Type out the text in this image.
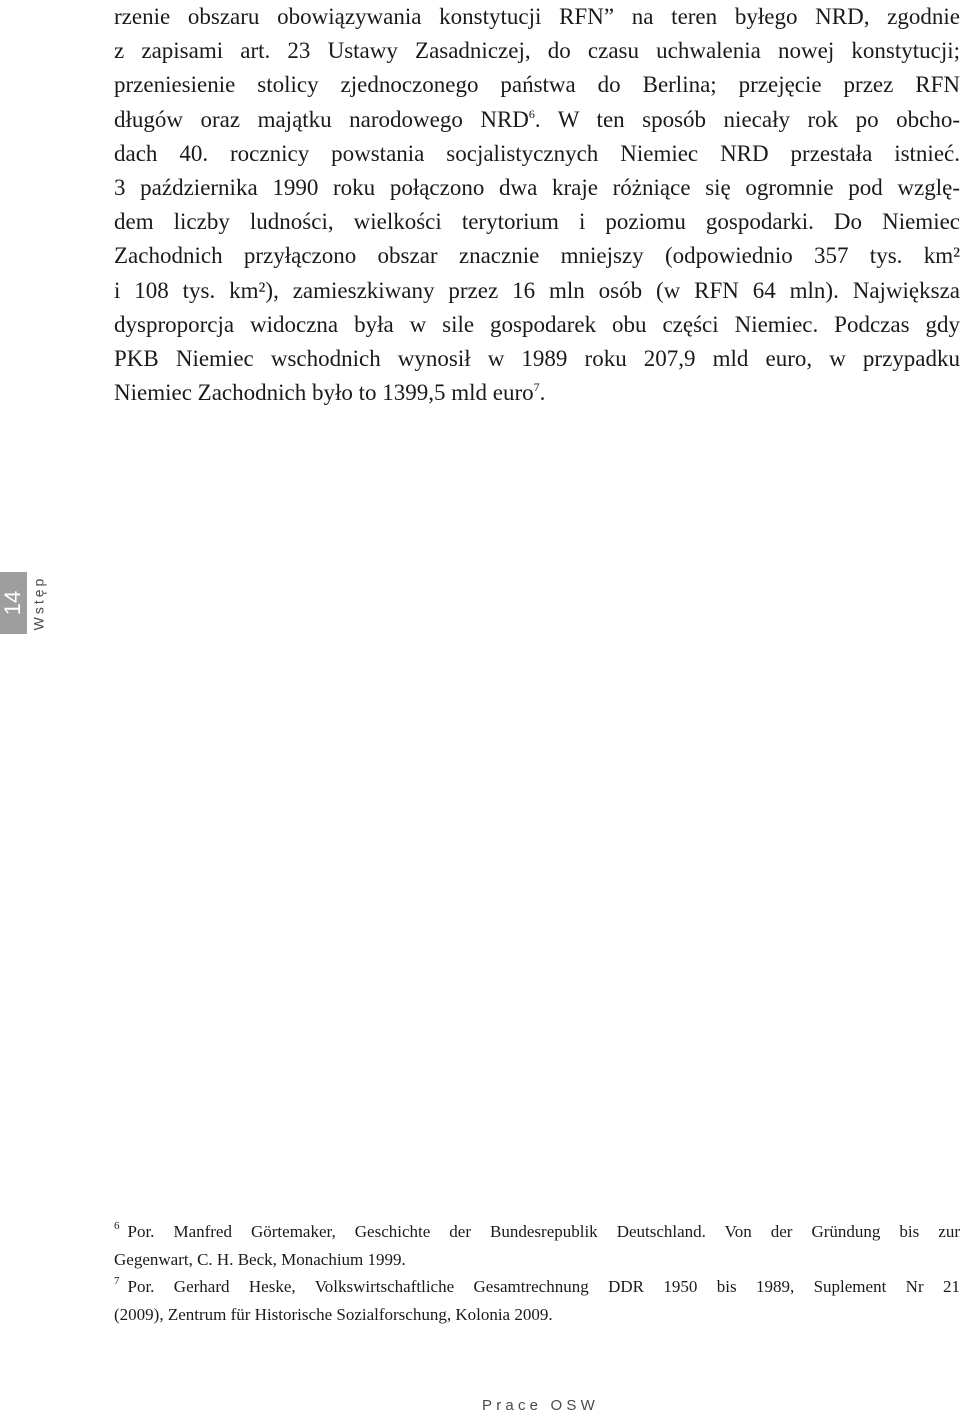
rzenie obszaru obowiązywania konstytucji RFN” na teren byłego NRD, zgodnie
z zapisami art. 23 Ustawy Zasadniczej, do czasu uchwalenia nowej konstytucji;
przeniesienie stolicy zjednoczonego państwa do Berlina; przejęcie przez RFN
długów oraz majątku narodowego NRD$^6$. W ten sposób niecały rok po obcho-
dach 40. rocznicy powstania socjalistycznych Niemiec NRD przestała istnieć.
3 października 1990 roku połączono dwa kraje różniące się ogromnie pod wzglę-
dem liczby ludności, wielkości terytorium i poziomu gospodarki. Do Niemiec
Zachodnich przyłączono obszar znacznie mniejszy (odpowiednio 357 tys. km²
i 108 tys. km²), zamieszkiwany przez 16 mln osób (w RFN 64 mln). Największa
dysproporcja widoczna była w sile gospodarek obu części Niemiec. Podczas gdy
PKB Niemiec wschodnich wynosił w 1989 roku 207,9 mld euro, w przypadku
Niemiec Zachodnich było to 1399,5 mld euro$^7$.
14 Wstęp
$^6$ Por. Manfred Görtemaker, Geschichte der Bundesrepublik Deutschland. Von der Gründung bis zur
Gegenwart, C. H. Beck, Monachium 1999.
$^7$ Por. Gerhard Heske, Volkswirtschaftliche Gesamtrechnung DDR 1950 bis 1989, Suplement Nr 21
(2009), Zentrum für Historische Sozialforschung, Kolonia 2009.
Prace OSW
